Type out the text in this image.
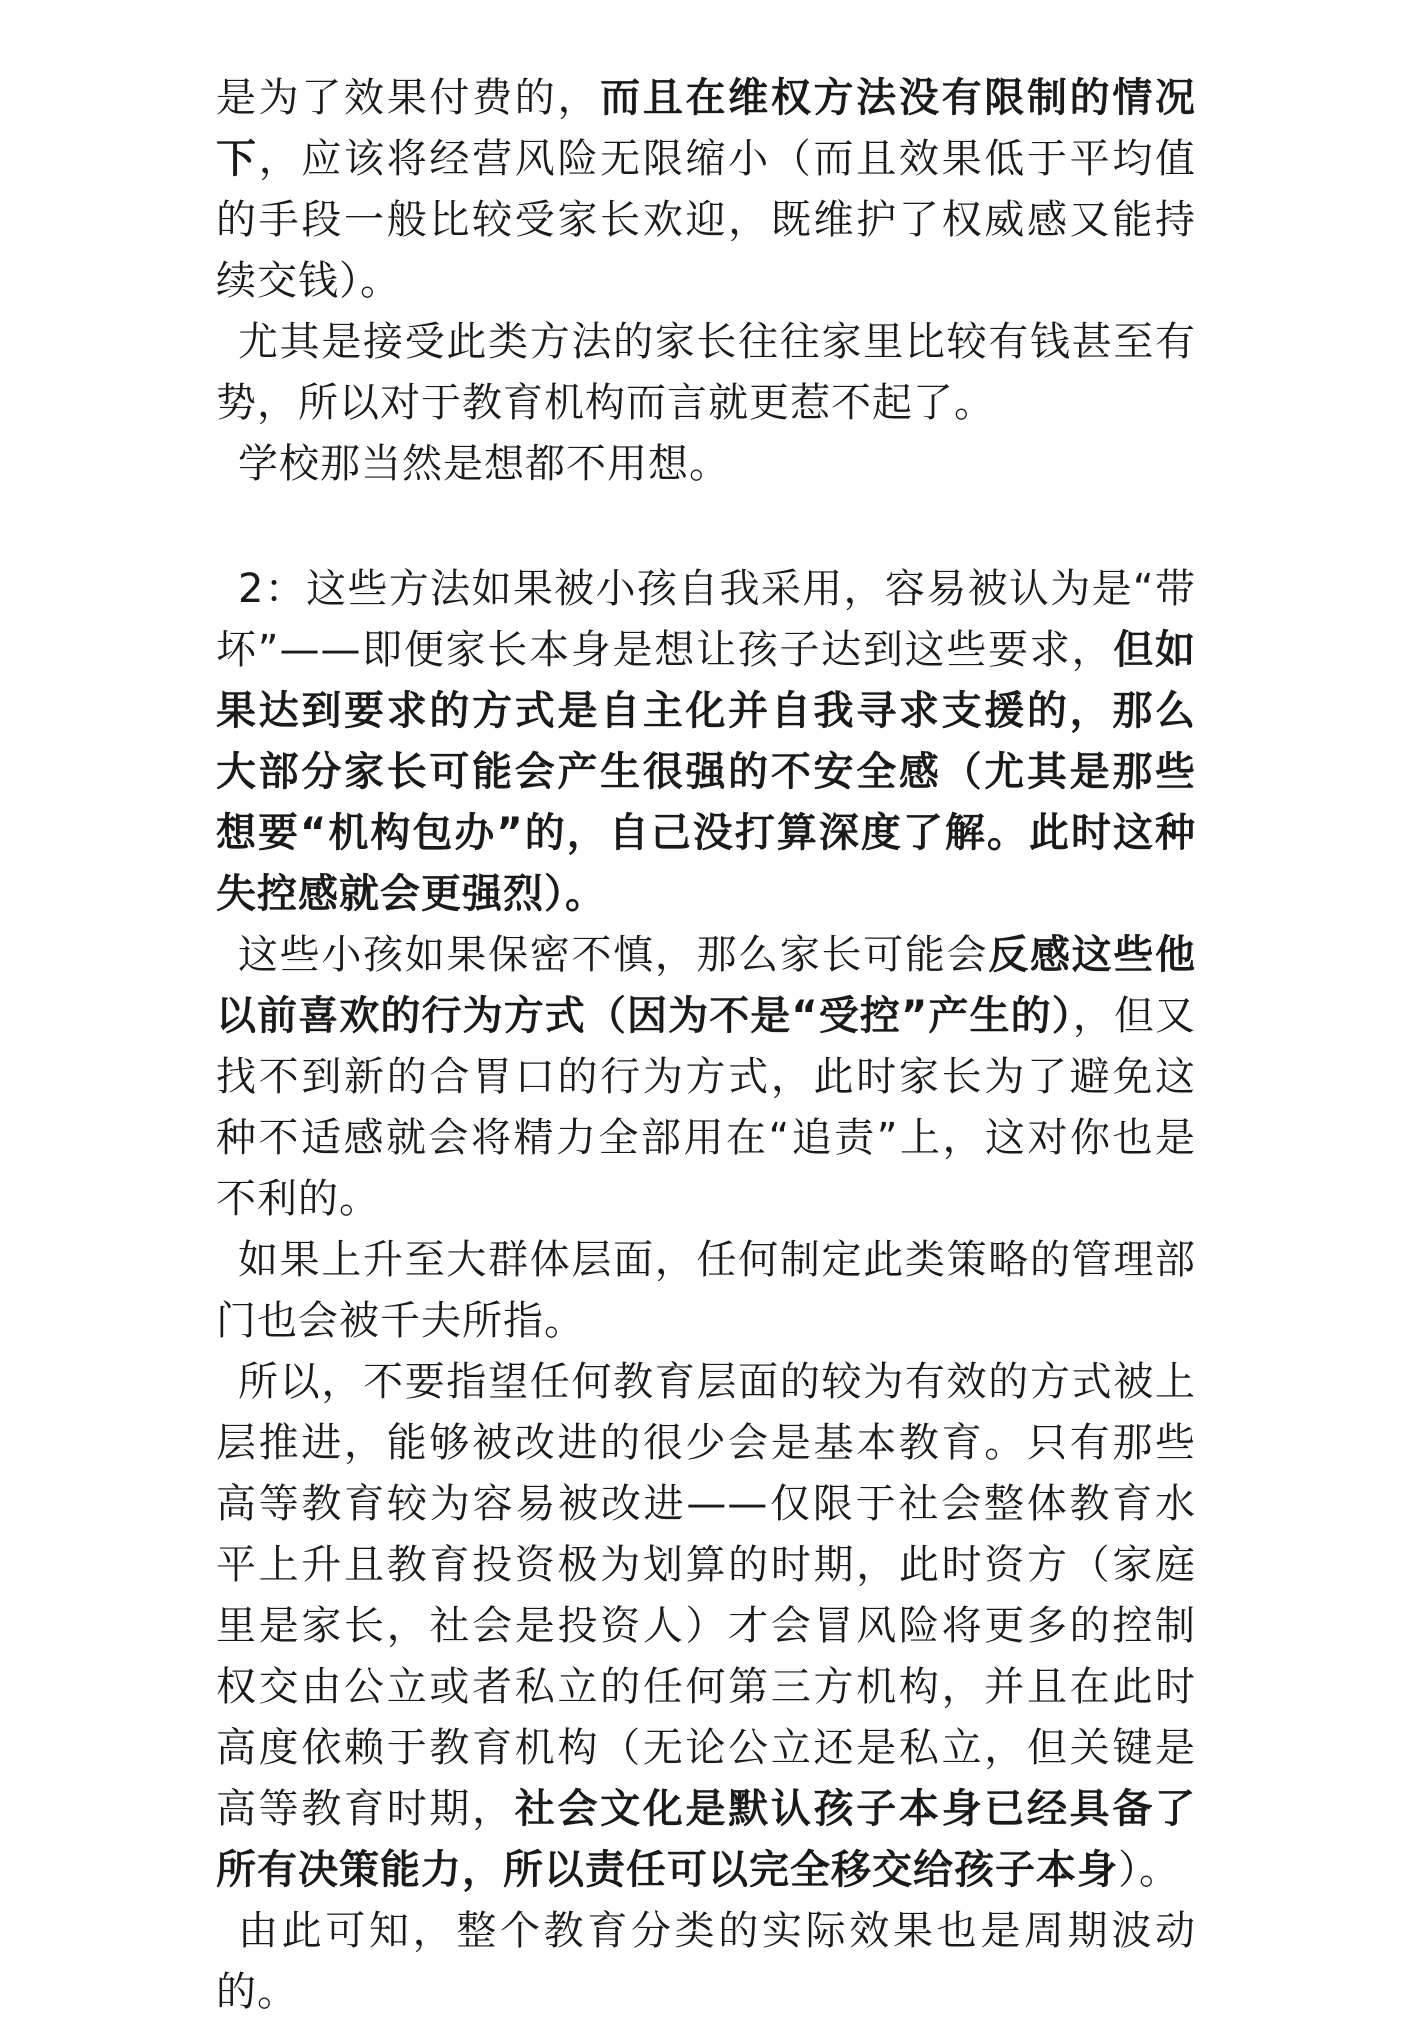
是为了效果付费的，而且在维权方法没有限制的情况下，应该将经营风险无限缩小（而且效果低于平均值的手段一般比较受家长欢迎，既维护了权威感又能持续交钱）。

尤其是接受此类方法的家长往往家里比较有钱甚至有势，所以对于教育机构而言就更惹不起了。

学校那当然是想都不用想。

2：这些方法如果被小孩自我采用，容易被认为是“带坏”——即便家长本身是想让孩子达到这些要求，但如果达到要求的方式是自主化并自我寻求支援的，那么大部分家长可能会产生很强的不安全感（尤其是那些想要“机构包办”的，自己没打算深度了解。此时这种失控感就会更强烈）。

这些小孩如果保密不慎，那么家长可能会反感这些他以前喜欢的行为方式（因为不是“受控”产生的），但又找不到新的合胃口的行为方式，此时家长为了避免这种不适感就会将精力全部用在“追责”上，这对你也是不利的。

如果上升至大群体层面，任何制定此类策略的管理部门也会被千夫所指。

所以，不要指望任何教育层面的较为有效的方式被上层推进，能够被改进的很少会是基本教育。只有那些高等教育较为容易被改进——仅限于社会整体教育水平上升且教育投资极为划算的时期，此时资方（家庭里是家长，社会是投资人）才会冒风险将更多的控制权交由公立或者私立的任何第三方机构，并且在此时高度依赖于教育机构（无论公立还是私立，但关键是高等教育时期，社会文化是默认孩子本身已经具备了所有决策能力，所以责任可以完全移交给孩子本身）。

由此可知，整个教育分类的实际效果也是周期波动的。
